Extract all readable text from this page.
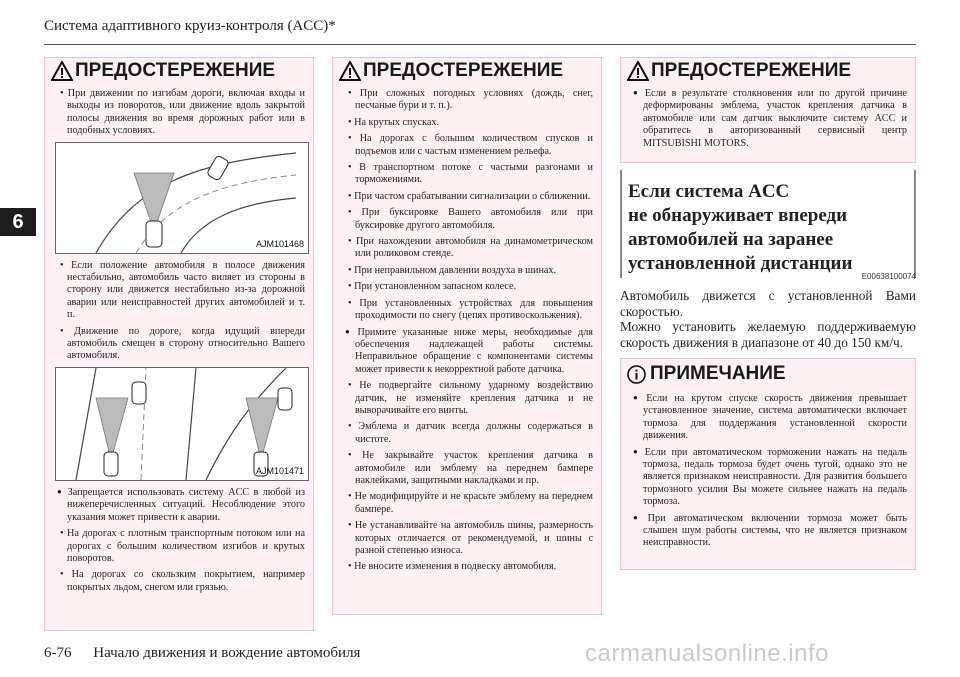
Система адаптивного круиз-контроля (ACC)*
6
ПРЕДОСТЕРЕЖЕНИЕ

• При движении по изгибам дороги, включая входы и выходы из поворотов, или движение вдоль закрытой полосы движения во время дорожных работ или в подобных условиях.

AJM101468

• Если положение автомобиля в полосе движения нестабильно, автомобиль часто виляет из стороны в сторону или движется нестабильно из-за дорожной аварии или неисправностей других автомобилей и т. п.

• Движение по дороге, когда идущий впереди автомобиль смещен в сторону относительно Вашего автомобиля.

AJM101471

● Запрещается использовать систему ACC в любой из нижеперечисленных ситуаций. Несоблюдение этого указания может привести к аварии.

• На дорогах с плотным транспортным потоком или на дорогах с большим количеством изгибов и крутых поворотов.

• На дорогах со скользким покрытием, например покрытых льдом, снегом или грязью.

ПРЕДОСТЕРЕЖЕНИЕ

• При сложных погодных условиях (дождь, снег, песчаные бури и т. п.).

• На крутых спусках.

• На дорогах с большим количеством спусков и подъемов или с частым изменением рельефа.

• В транспортном потоке с частыми разгонами и торможениями.

• При частом срабатывании сигнализации о сближении.

• При буксировке Вашего автомобиля или при буксировке другого автомобиля.

• При нахождении автомобиля на динамометрическом или роликовом стенде.

• При неправильном давлении воздуха в шинах.

• При установленном запасном колесе.

• При установленных устройствах для повышения проходимости по снегу (цепях противоскольжения).

● Примите указанные ниже меры, необходимые для обеспечения надлежащей работы системы. Неправильное обращение с компонентами системы может привести к некорректной работе датчика.

• Не подвергайте сильному ударному воздействию датчик, не изменяйте крепления датчика и не выворачивайте его винты.

• Эмблема и датчик всегда должны содержаться в чистоте.

• Не закрывайте участок крепления датчика в автомобиле или эмблему на переднем бампере наклейками, защитными накладками и пр.

• Не модифицируйте и не красьте эмблему на переднем бампере.

• Не устанавливайте на автомобиль шины, размерность которых отличается от рекомендуемой, и шины с разной степенью износа.

• Не вносите изменения в подвеску автомобиля.

ПРЕДОСТЕРЕЖЕНИЕ

● Если в результате столкновения или по другой причине деформированы эмблема, участок крепления датчика в автомобиле или сам датчик выключите систему ACC и обратитесь в авторизованный сервисный центр MITSUBISHI MOTORS.

Если система ACC
не обнаруживает впереди
автомобилей на заранее
установленной дистанции
E00638100074

Автомобиль движется с установленной Вами скоростью.

Можно установить желаемую поддерживаемую скорость движения в диапазоне от 40 до 150 км/ч.

ПРИМЕЧАНИЕ

● Если на крутом спуске скорость движения превышает установленное значение, система автоматически включает тормоза для поддержания установленной скорости движения.

● Если при автоматическом торможении нажать на педаль тормоза, педаль тормоза будет очень тугой, однако это не является признаком неисправности. Для развития большего тормозного усилия Вы можете сильнее нажать на педаль тормоза.

● При автоматическом включении тормоза может быть слышен шум работы системы, что не является признаком неисправности.

6-76 Начало движения и вождение автомобиля	carmanualsonline.info
